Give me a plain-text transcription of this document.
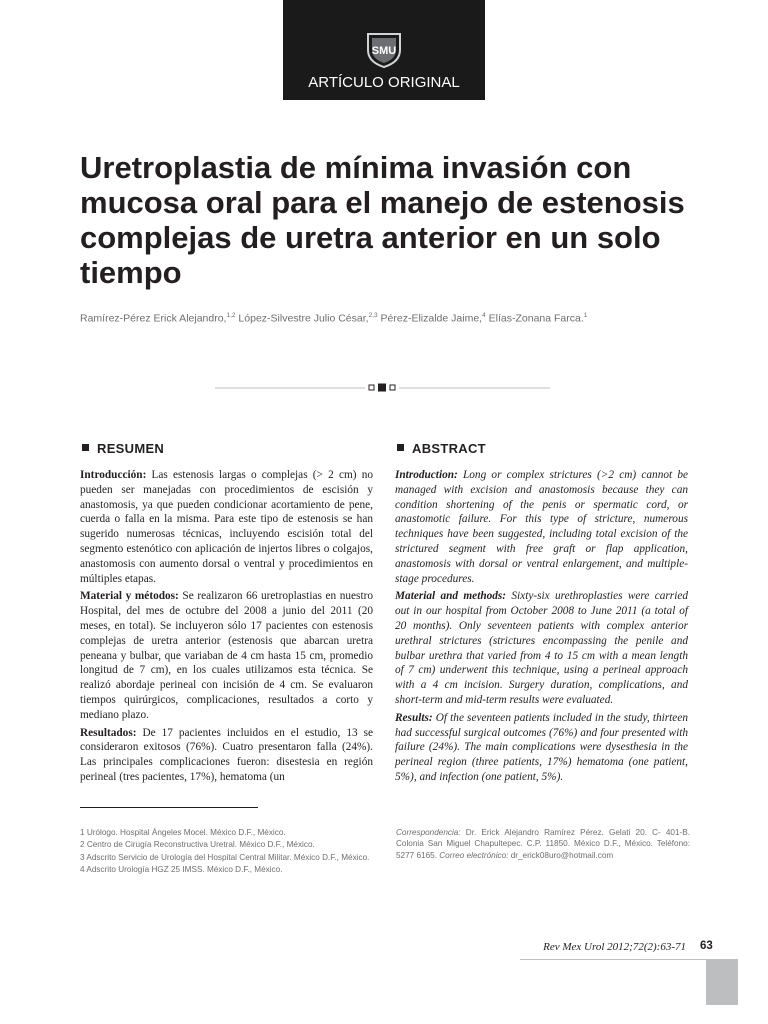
SMU
ARTÍCULO ORIGINAL
Uretroplastia de mínima invasión con mucosa oral para el manejo de estenosis complejas de uretra anterior en un solo tiempo
Ramírez-Pérez Erick Alejandro,$^{1,2}$ López-Silvestre Julio César,$^{2,3}$ Pérez-Elizalde Jaime,$^4$ Elías-Zonana Farca.$^1$
RESUMEN	ABSTRACT

Introducción: Las estenosis largas o complejas (> 2 cm) no pueden ser manejadas con procedimientos de escisión y anastomosis, ya que pueden condicionar acortamiento de pene, cuerda o falla en la misma. Para este tipo de estenosis se han sugerido numerosas técnicas, incluyendo escisión total del segmento estenótico con aplicación de injertos libres o colgajos, anastomosis con aumento dorsal o ventral y procedimientos en múltiples etapas.

Material y métodos: Se realizaron 66 uretroplastias en nuestro Hospital, del mes de octubre del 2008 a junio del 2011 (20 meses, en total). Se incluyeron sólo 17 pacientes con estenosis complejas de uretra anterior (estenosis que abarcan uretra peneana y bulbar, que variaban de 4 cm hasta 15 cm, promedio longitud de 7 cm), en los cuales utilizamos esta técnica. Se realizó abordaje perineal con incisión de 4 cm. Se evaluaron tiempos quirúrgicos, complicaciones, resultados a corto y mediano plazo.

Resultados: De 17 pacientes incluidos en el estudio, 13 se consideraron exitosos (76%). Cuatro presentaron falla (24%). Las principales complicaciones fueron: disestesia en región perineal (tres pacientes, 17%), hematoma (un

Introduction: Long or complex strictures (>2 cm) cannot be managed with excision and anastomosis because they can condition shortening of the penis or spermatic cord, or anastomotic failure. For this type of stricture, numerous techniques have been suggested, including total excision of the strictured segment with free graft or flap application, anastomosis with dorsal or ventral enlargement, and multiple-stage procedures.

Material and methods: Sixty-six urethroplasties were carried out in our hospital from October 2008 to June 2011 (a total of 20 months). Only seventeen patients with complex anterior urethral strictures (strictures encompassing the penile and bulbar urethra that varied from 4 to 15 cm with a mean length of 7 cm) underwent this technique, using a perineal approach with a 4 cm incision. Surgery duration, complications, and short-term and mid-term results were evaluated.

Results: Of the seventeen patients included in the study, thirteen had successful surgical outcomes (76%) and four presented with failure (24%). The main complications were dysesthesia in the perineal region (three patients, 17%) hematoma (one patient, 5%), and infection (one patient, 5%).

1 Urólogo. Hospital Ángeles Mocel. México D.F., México.
2 Centro de Cirugía Reconstructiva Uretral. México D.F., México.
3 Adscrito Servicio de Urología del Hospital Central Militar. México D.F., México.
4 Adscrito Urología HGZ 25 IMSS. México D.F., México.
Correspondencia: Dr. Erick Alejandro Ramírez Pérez. Gelati 20. C- 401-B. Colonia San Miguel Chapultepec. C.P. 11850. México D.F., México. Teléfono: 5277 6165. Correo electrónico: dr_erick08uro@hotmail.com
Rev Mex Urol 2012;72(2):63-71 63
